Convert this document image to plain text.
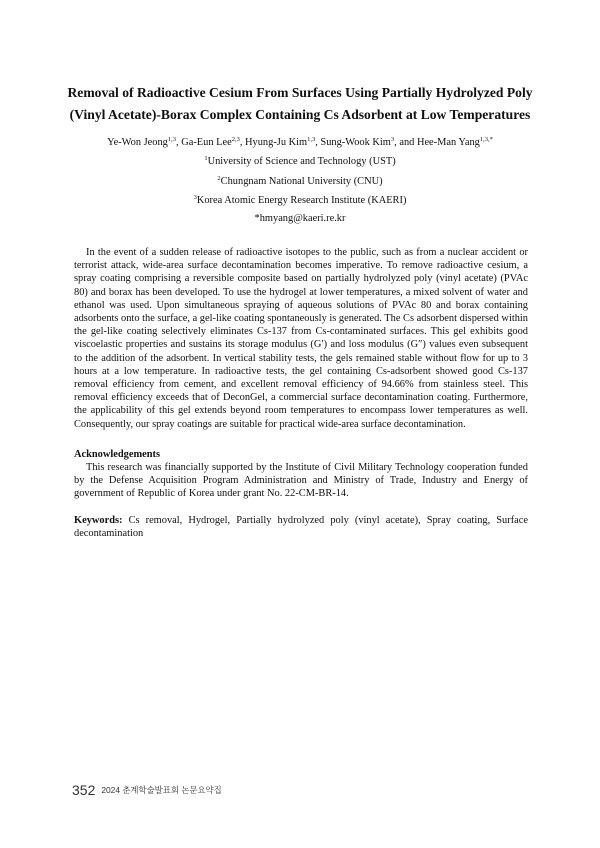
Removal of Radioactive Cesium From Surfaces Using Partially Hydrolyzed Poly
(Vinyl Acetate)-Borax Complex Containing Cs Adsorbent at Low Temperatures
Ye-Won Jeong$^{1,3}$, Ga-Eun Lee$^{2,3}$, Hyung-Ju Kim$^{1,3}$, Sung-Wook Kim$^3$, and Hee-Man Yang$^{1,3,*}$
$^1$University of Science and Technology (UST)
$^2$Chungnam National University (CNU)
$^3$Korea Atomic Energy Research Institute (KAERI)
*hmyang@kaeri.re.kr

In the event of a sudden release of radioactive isotopes to the public, such as from a nuclear accident or terrorist attack, wide-area surface decontamination becomes imperative. To remove radioactive cesium, a spray coating comprising a reversible composite based on partially hydrolyzed poly (vinyl acetate) (PVAc 80) and borax has been developed. To use the hydrogel at lower temperatures, a mixed solvent of water and ethanol was used. Upon simultaneous spraying of aqueous solutions of PVAc 80 and borax containing adsorbents onto the surface, a gel-like coating spontaneously is generated. The Cs adsorbent dispersed within the gel-like coating selectively eliminates Cs-137 from Cs-contaminated surfaces. This gel exhibits good viscoelastic properties and sustains its storage modulus (G′) and loss modulus (G″) values even subsequent to the addition of the adsorbent. In vertical stability tests, the gels remained stable without flow for up to 3 hours at a low temperature. In radioactive tests, the gel containing Cs-adsorbent showed good Cs-137 removal efficiency from cement, and excellent removal efficiency of 94.66% from stainless steel. This removal efficiency exceeds that of DeconGel, a commercial surface decontamination coating. Furthermore, the applicability of this gel extends beyond room temperatures to encompass lower temperatures as well. Consequently, our spray coatings are suitable for practical wide-area surface decontamination.

Acknowledgements

This research was financially supported by the Institute of Civil Military Technology cooperation funded by the Defense Acquisition Program Administration and Ministry of Trade, Industry and Energy of government of Republic of Korea under grant No. 22-CM-BR-14.

Keywords: Cs removal, Hydrogel, Partially hydrolyzed poly (vinyl acetate), Spray coating, Surface decontamination

352 2024 춘계학술발표회 논문요약집
